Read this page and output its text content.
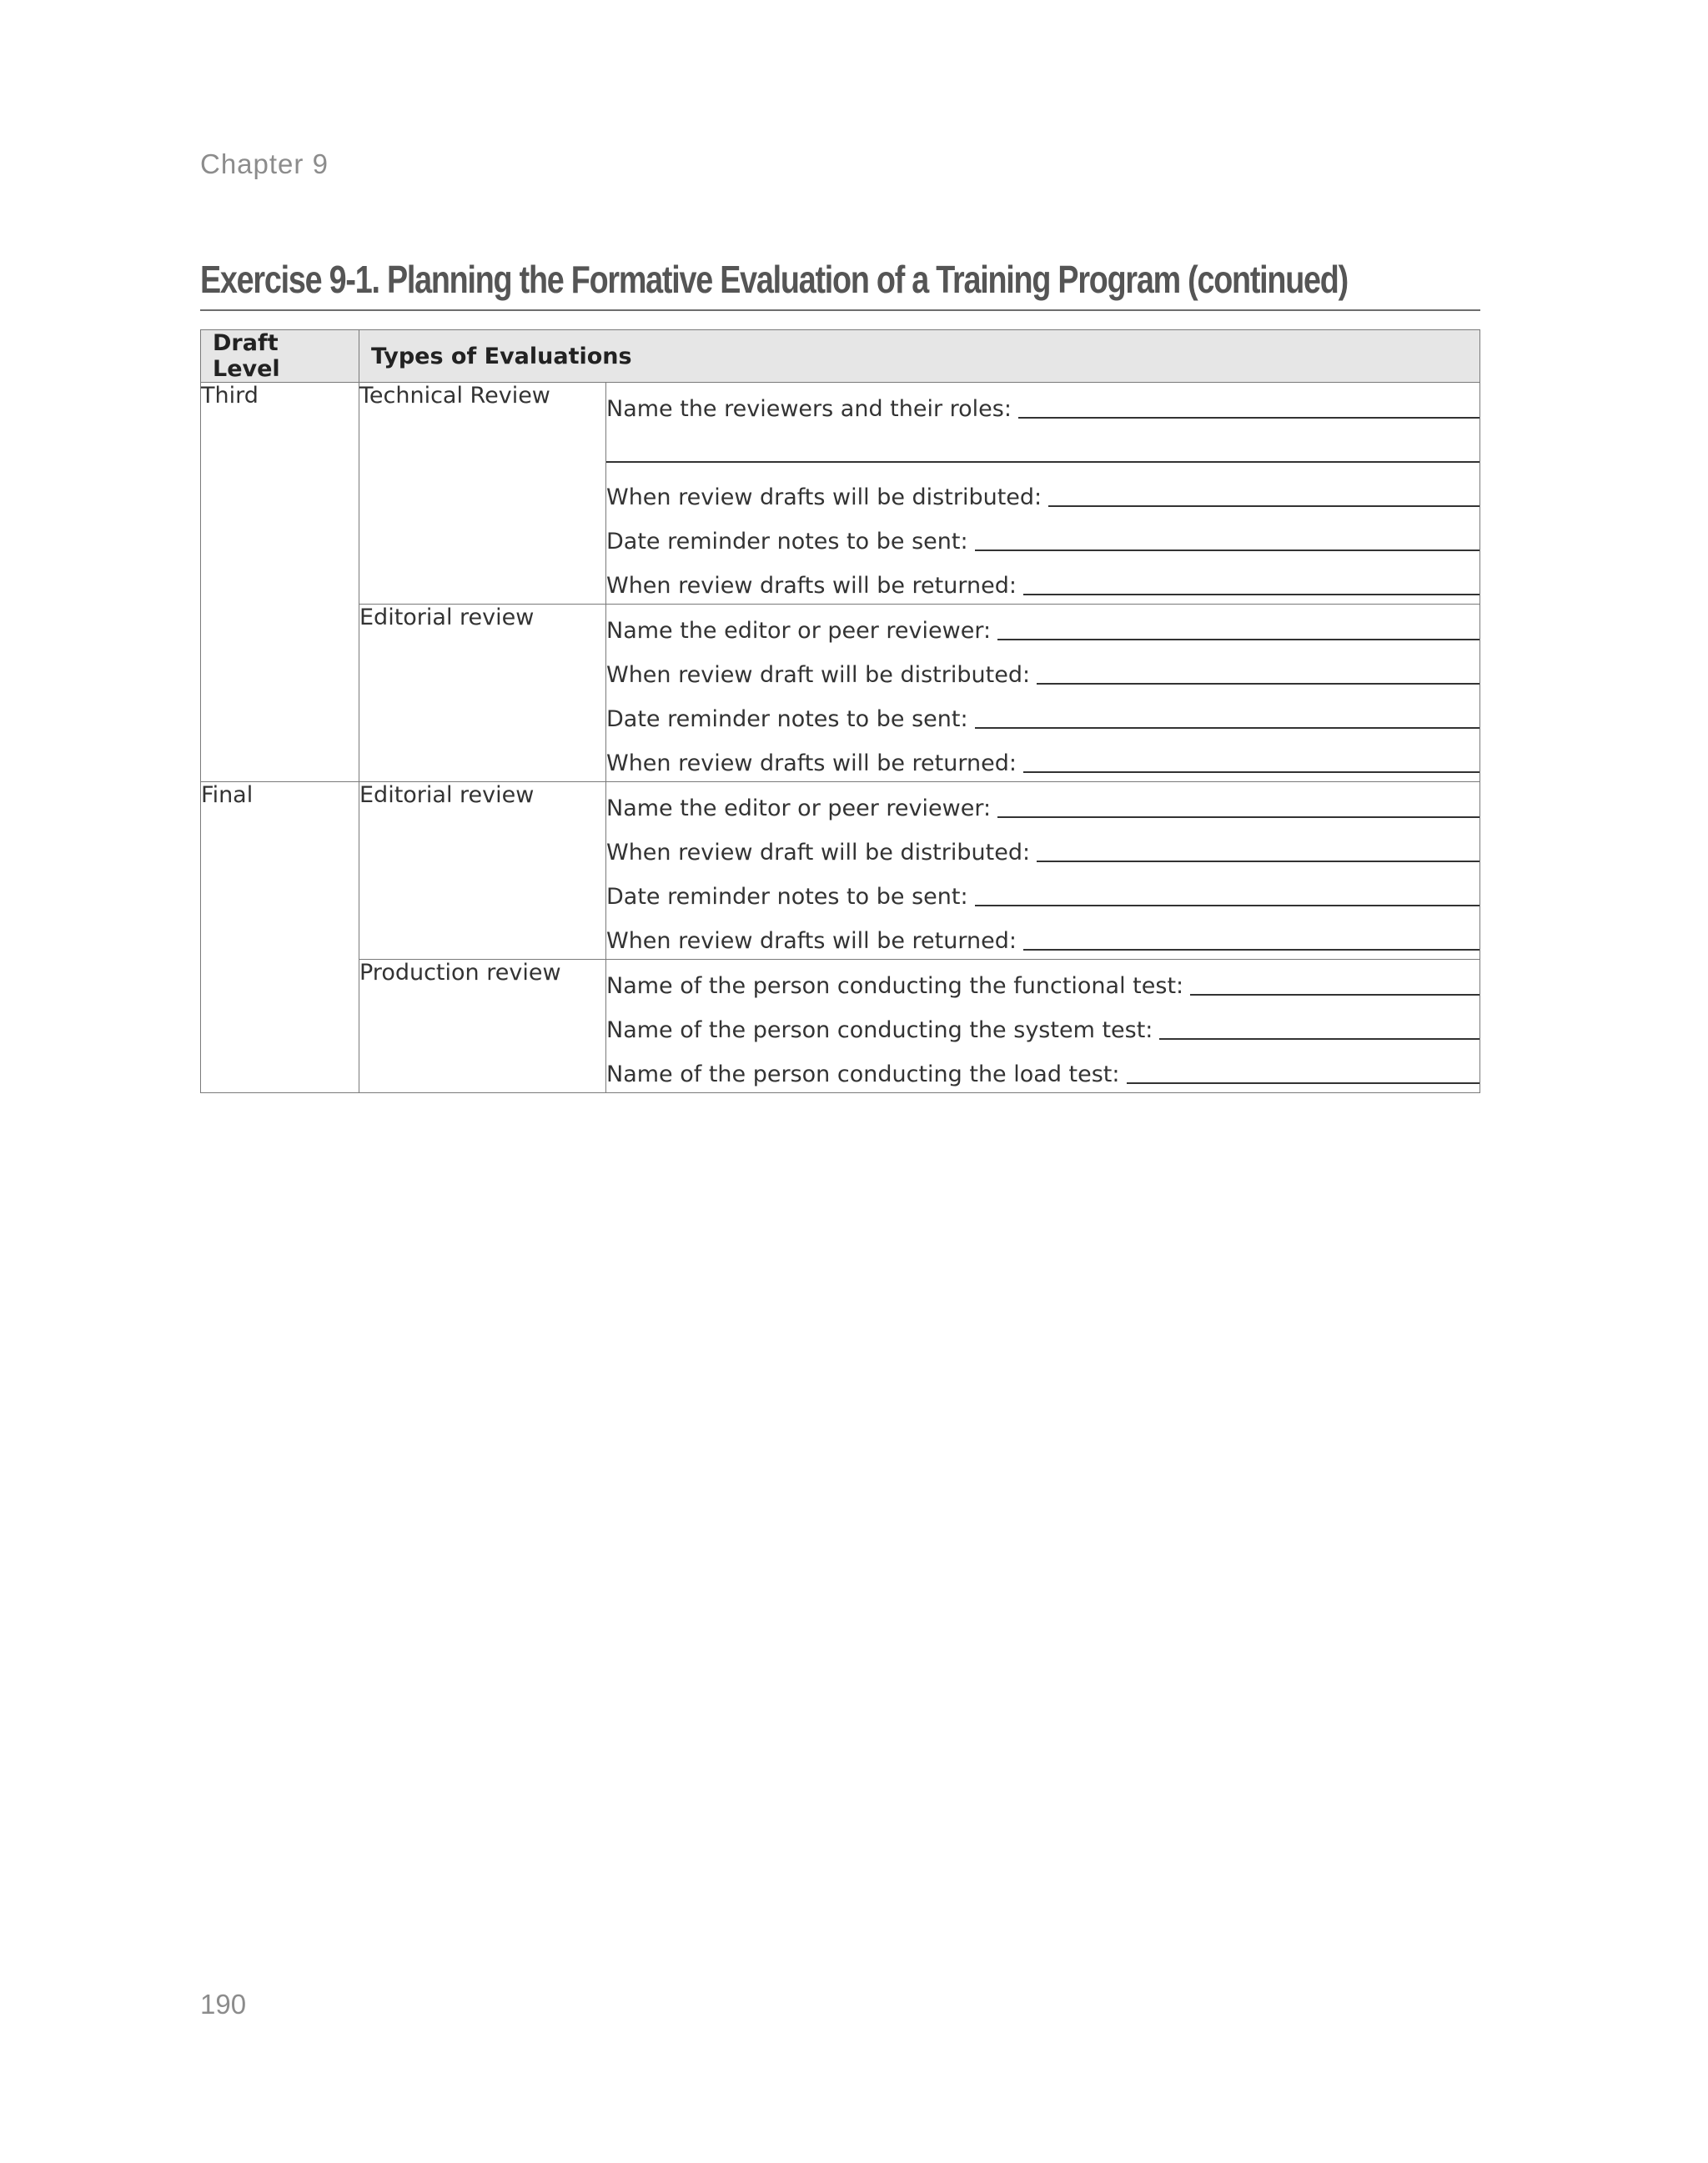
Chapter 9
Exercise 9-1. Planning the Formative Evaluation of a Training Program (continued)
Draft Level	Types of Evaluations	
Third	Technical Review	Name the reviewers and their roles:
When review drafts will be distributed:
Date reminder notes to be sent:
When review drafts will be returned:

	Editorial review	Name the editor or peer reviewer:
When review draft will be distributed:
Date reminder notes to be sent:
When review drafts will be returned:

Final	Editorial review	Name the editor or peer reviewer:
When review draft will be distributed:
Date reminder notes to be sent:
When review drafts will be returned:

	Production review	Name of the person conducting the functional test:
Name of the person conducting the system test:
Name of the person conducting the load test:
190
